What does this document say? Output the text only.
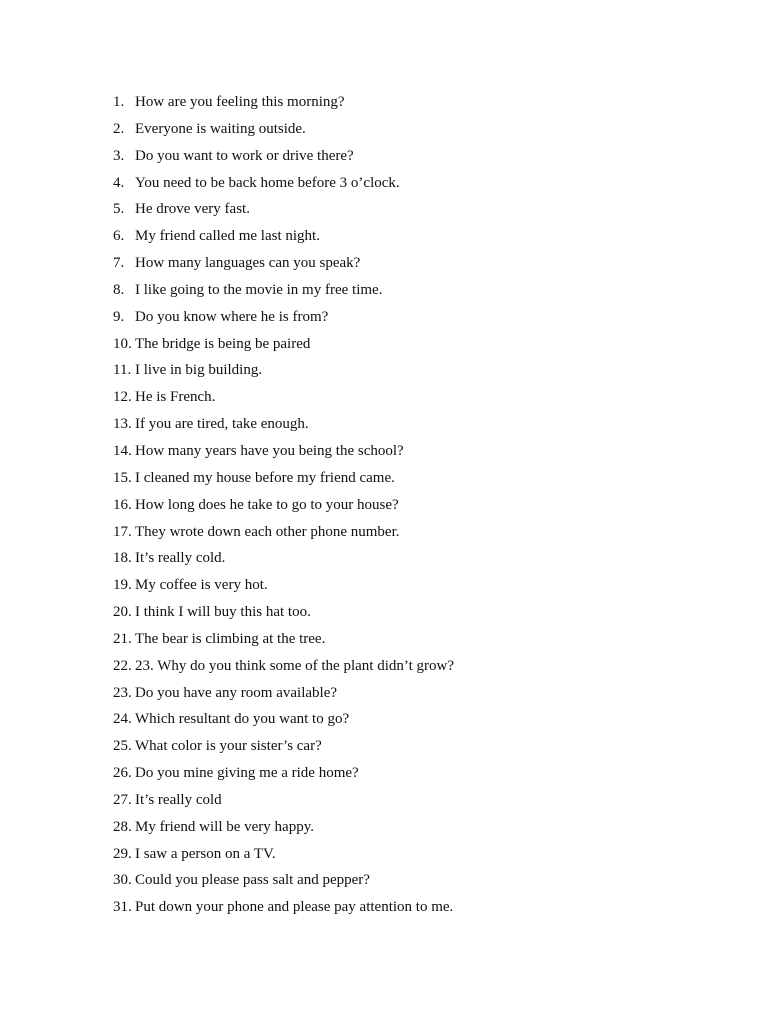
1. How are you feeling this morning?
2. Everyone is waiting outside.
3. Do you want to work or drive there?
4. You need to be back home before 3 o’clock.
5. He drove very fast.
6. My friend called me last night.
7. How many languages can you speak?
8. I like going to the movie in my free time.
9. Do you know where he is from?
10. The bridge is being be paired
11. I live in big building.
12. He is French.
13. If you are tired, take enough.
14. How many years have you being the school?
15. I cleaned my house before my friend came.
16. How long does he take to go to your house?
17. They wrote down each other phone number.
18. It’s really cold.
19. My coffee is very hot.
20. I think I will buy this hat too.
21. The bear is climbing at the tree.
22. 23. Why do you think some of the plant didn’t grow?
23. Do you have any room available?
24. Which resultant do you want to go?
25. What color is your sister’s car?
26. Do you mine giving me a ride home?
27. It’s really cold
28. My friend will be very happy.
29. I saw a person on a TV.
30. Could you please pass salt and pepper?
31. Put down your phone and please pay attention to me.
